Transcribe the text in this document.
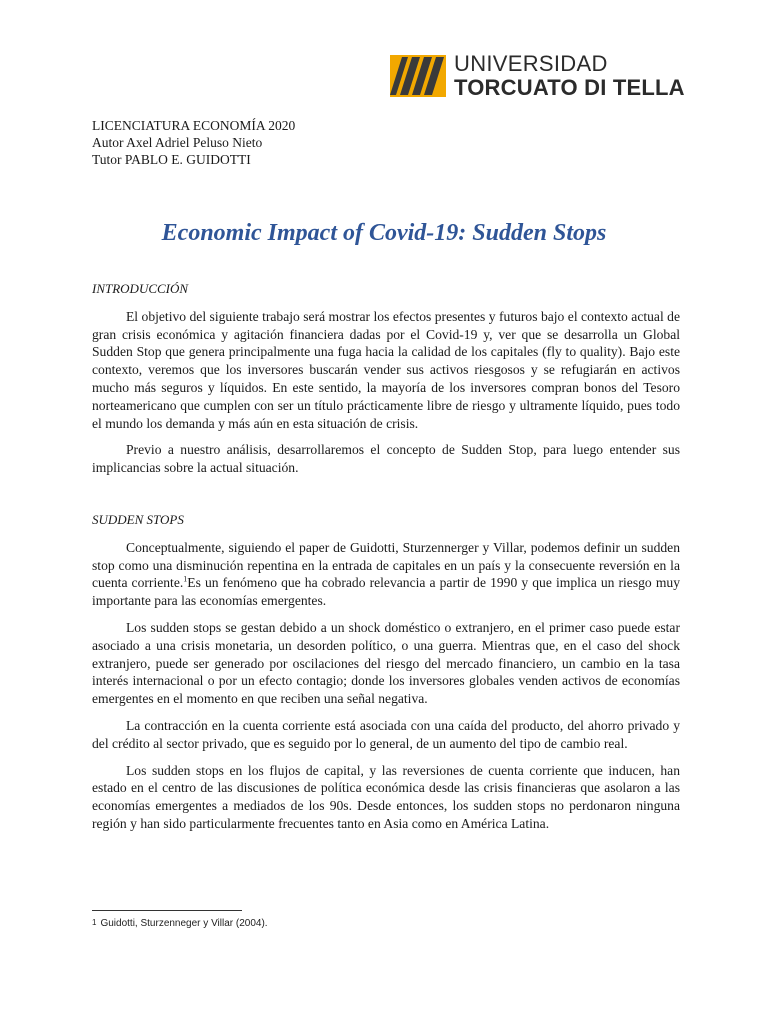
UNIVERSIDAD
TORCUATO DI TELLA
LICENCIATURA ECONOMÍA 2020
Autor Axel Adriel Peluso Nieto
Tutor PABLO E. GUIDOTTI
Economic Impact of Covid-19: Sudden Stops
INTRODUCCIÓN

El objetivo del siguiente trabajo será mostrar los efectos presentes y futuros bajo el contexto actual de gran crisis económica y agitación financiera dadas por el Covid-19 y, ver que se desarrolla un Global Sudden Stop que genera principalmente una fuga hacia la calidad de los capitales (fly to quality). Bajo este contexto, veremos que los inversores buscarán vender sus activos riesgosos y se refugiarán en activos mucho más seguros y líquidos. En este sentido, la mayoría de los inversores compran bonos del Tesoro norteamericano que cumplen con ser un título prácticamente libre de riesgo y ultramente líquido, pues todo el mundo los demanda y más aún en esta situación de crisis.

Previo a nuestro análisis, desarrollaremos el concepto de Sudden Stop, para luego entender sus implicancias sobre la actual situación.

SUDDEN STOPS

Conceptualmente, siguiendo el paper de Guidotti, Sturzennerger y Villar, podemos definir un sudden stop como una disminución repentina en la entrada de capitales en un país y la consecuente reversión en la cuenta corriente.$^1$Es un fenómeno que ha cobrado relevancia a partir de 1990 y que implica un riesgo muy importante para las economías emergentes.

Los sudden stops se gestan debido a un shock doméstico o extranjero, en el primer caso puede estar asociado a una crisis monetaria, un desorden político, o una guerra. Mientras que, en el caso del shock extranjero, puede ser generado por oscilaciones del riesgo del mercado financiero, un cambio en la tasa interés internacional o por un efecto contagio; donde los inversores globales venden activos de economías emergentes en el momento en que reciben una señal negativa.

La contracción en la cuenta corriente está asociada con una caída del producto, del ahorro privado y del crédito al sector privado, que es seguido por lo general, de un aumento del tipo de cambio real.

Los sudden stops en los flujos de capital, y las reversiones de cuenta corriente que inducen, han estado en el centro de las discusiones de política económica desde las crisis financieras que asolaron a las economías emergentes a mediados de los 90s. Desde entonces, los sudden stops no perdonaron ninguna región y han sido particularmente frecuentes tanto en Asia como en América Latina.

$^1$ Guidotti, Sturzenneger y Villar (2004).
